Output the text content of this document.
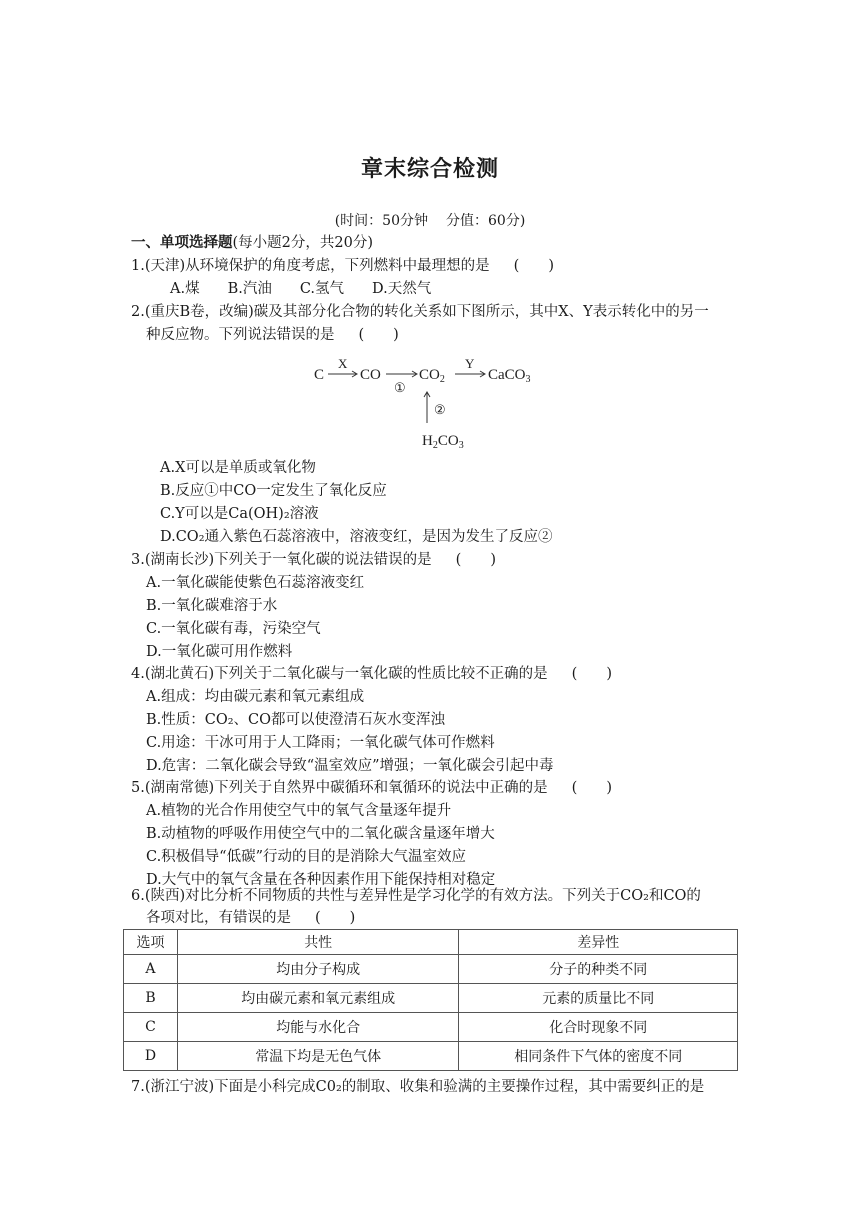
章末综合检测
(时间：50分钟 分值：60分)
一、单项选择题(每小题2分，共20分)
1.(天津)从环境保护的角度考虑，下列燃料中最理想的是 (　　)
A.煤 B.汽油 C.氢气 D.天然气
2.(重庆B卷，改编)碳及其部分化合物的转化关系如下图所示，其中X、Y表示转化中的另一
种反应物。下列说法错误的是 (　　)
C
X
CO
①
$CO_2$
Y
CaCO$_3$
②
$H_2CO_3$
A.X可以是单质或氧化物
B.反应①中CO一定发生了氧化反应
C.Y可以是Ca(OH)₂溶液
D.CO₂通入紫色石蕊溶液中，溶液变红，是因为发生了反应②
3.(湖南长沙)下列关于一氧化碳的说法错误的是 (　　)
A.一氧化碳能使紫色石蕊溶液变红
B.一氧化碳难溶于水
C.一氧化碳有毒，污染空气
D.一氧化碳可用作燃料
4.(湖北黄石)下列关于二氧化碳与一氧化碳的性质比较不正确的是 (　　)
A.组成：均由碳元素和氧元素组成
B.性质：CO₂、CO都可以使澄清石灰水变浑浊
C.用途：干冰可用于人工降雨；一氧化碳气体可作燃料
D.危害：二氧化碳会导致“温室效应”增强；一氧化碳会引起中毒
5.(湖南常德)下列关于自然界中碳循环和氧循环的说法中正确的是 (　　)
A.植物的光合作用使空气中的氧气含量逐年提升
B.动植物的呼吸作用使空气中的二氧化碳含量逐年增大
C.积极倡导“低碳”行动的目的是消除大气温室效应
D.大气中的氧气含量在各种因素作用下能保持相对稳定
6.(陕西)对比分析不同物质的共性与差异性是学习化学的有效方法。下列关于CO₂和CO的
各项对比，有错误的是 (　　)
选项	共性	差异性
A	均由分子构成	分子的种类不同
B	均由碳元素和氧元素组成	元素的质量比不同
C	均能与水化合	化合时现象不同
D	常温下均是无色气体	相同条件下气体的密度不同
7.(浙江宁波)下面是小科完成C0₂的制取、收集和验满的主要操作过程，其中需要纠正的是
